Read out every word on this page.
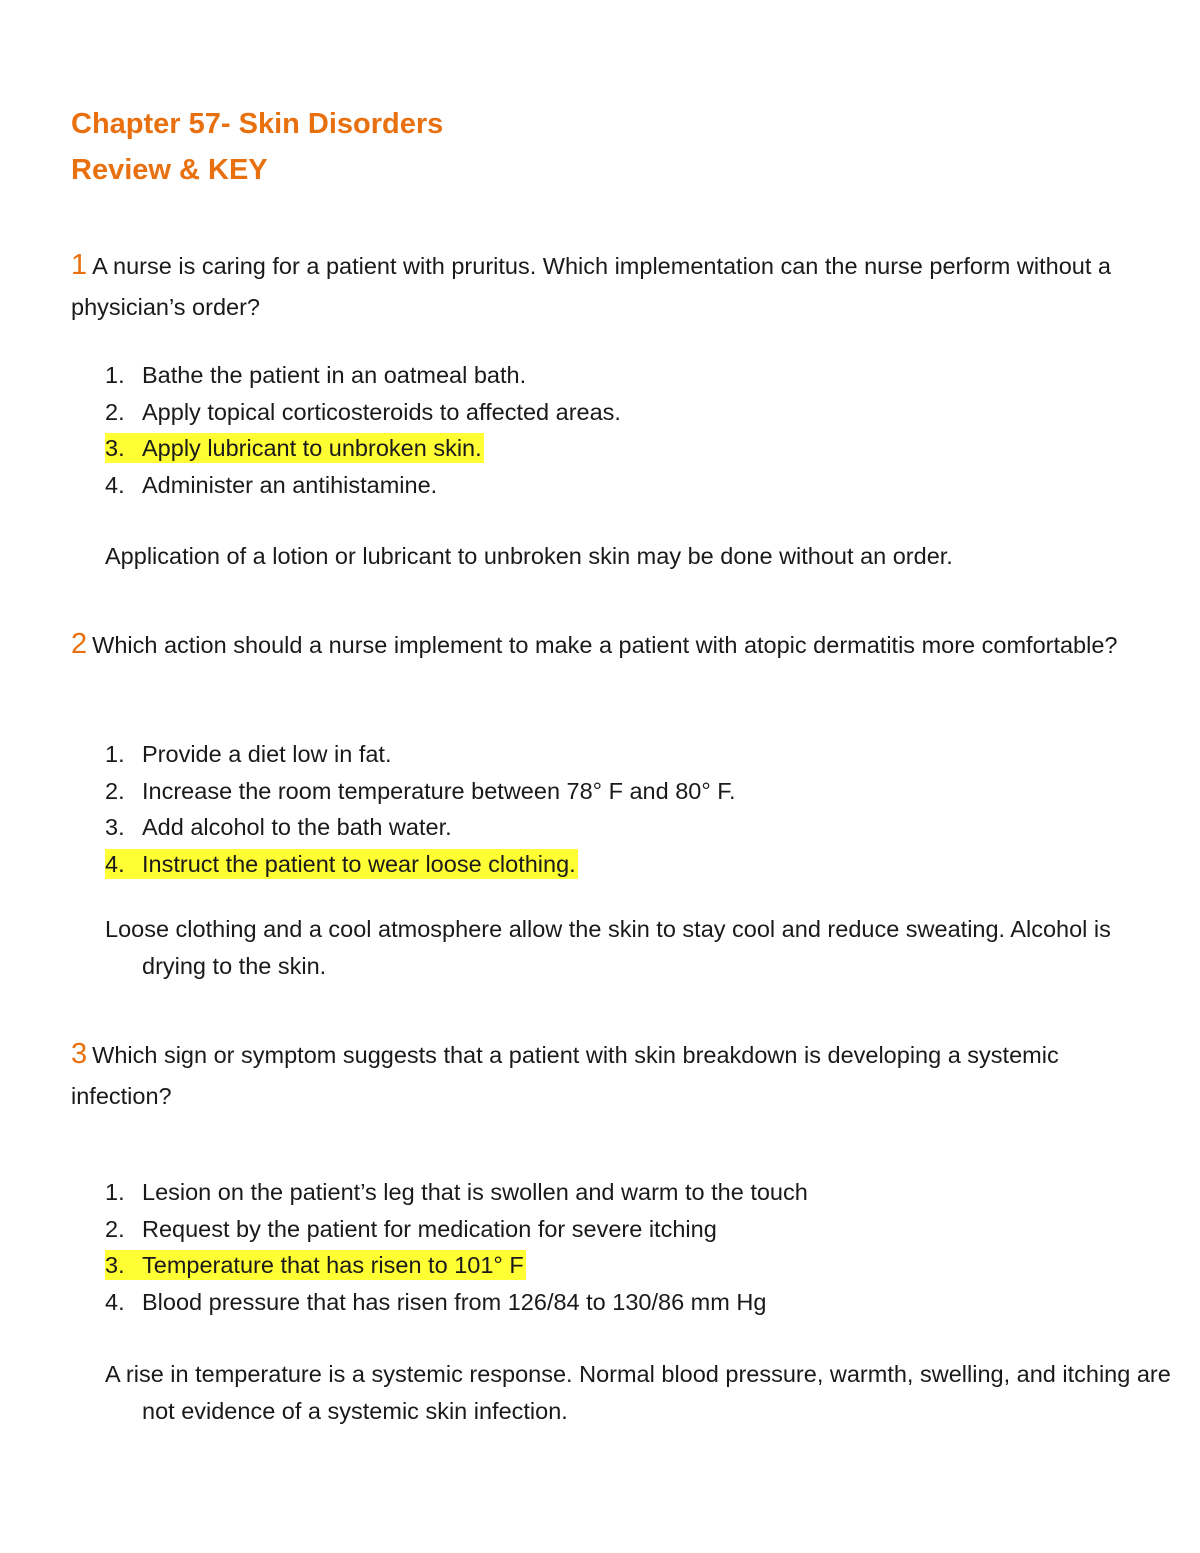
Chapter 57- Skin Disorders
Review & KEY

1 A nurse is caring for a patient with pruritus. Which implementation can the nurse perform without a physician’s order?

1. Bathe the patient in an oatmeal bath.
2. Apply topical corticosteroids to affected areas.
3. Apply lubricant to unbroken skin.
4. Administer an antihistamine.

Application of a lotion or lubricant to unbroken skin may be done without an order.

2 Which action should a nurse implement to make a patient with atopic dermatitis more comfortable?

1. Provide a diet low in fat.
2. Increase the room temperature between 78° F and 80° F.
3. Add alcohol to the bath water.
4. Instruct the patient to wear loose clothing.

Loose clothing and a cool atmosphere allow the skin to stay cool and reduce sweating. Alcohol is drying to the skin.

3 Which sign or symptom suggests that a patient with skin breakdown is developing a systemic infection?

1. Lesion on the patient’s leg that is swollen and warm to the touch
2. Request by the patient for medication for severe itching
3. Temperature that has risen to 101° F
4. Blood pressure that has risen from 126/84 to 130/86 mm Hg

A rise in temperature is a systemic response. Normal blood pressure, warmth, swelling, and itching are not evidence of a systemic skin infection.
